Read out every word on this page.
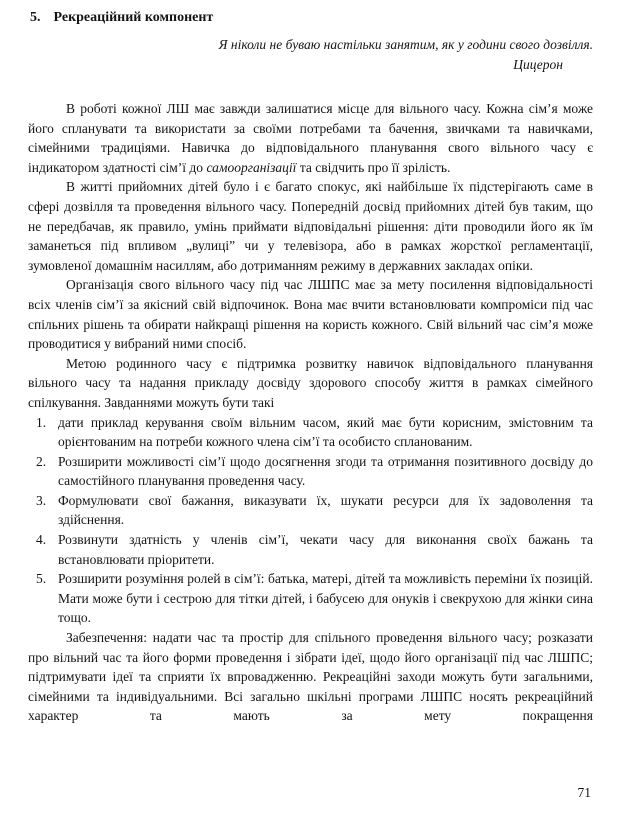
5. Рекреаційний компонент
Я ніколи не буваю настільки занятим, як у години свого дозвілля.
Цицерон

В роботі кожної ЛШ має завжди залишатися місце для вільного часу. Кожна сім’я може його спланувати та використати за своїми потребами та бачення, звичками та навичками, сімейними традиціями. Навичка до відповідального планування свого вільного часу є індикатором здатності сім’ї до самоорганізації та свідчить про її зрілість.

В житті прийомних дітей було і є багато спокус, які найбільше їх підстерігають саме в сфері дозвілля та проведення вільного часу. Попередній досвід прийомних дітей був таким, що не передбачав, як правило, умінь приймати відповідальні рішення: діти проводили його як їм заманеться під впливом „вулиці” чи у телевізора, або в рамках жорсткої регламентації, зумовленої домашнім насиллям, або дотриманням режиму в державних закладах опіки.

Організація свого вільного часу під час ЛШПС має за мету посилення відповідальності всіх членів сім’ї за якісний свій відпочинок. Вона має вчити встановлювати компроміси під час спільних рішень та обирати найкращі рішення на користь кожного. Свій вільний час сім’я може проводитися у вибраний ними спосіб.

Метою родинного часу є підтримка розвитку навичок відповідального планування вільного часу та надання прикладу досвіду здорового способу життя в рамках сімейного спілкування. Завданнями можуть бути такі

1. дати приклад керування своїм вільним часом, який має бути корисним, змістовним та орієнтованим на потреби кожного члена сім’ї та особисто спланованим.
2. Розширити можливості сім’ї щодо досягнення згоди та отримання позитивного досвіду до самостійного планування проведення часу.
3. Формулювати свої бажання, виказувати їх, шукати ресурси для їх задоволення та здійснення.
4. Розвинути здатність у членів сім’ї, чекати часу для виконання своїх бажань та встановлювати пріоритети.
5. Розширити розуміння ролей в сім’ї: батька, матері, дітей та можливість переміни їх позицій. Мати може бути і сестрою для тітки дітей, і бабусею для онуків і свекрухою для жінки сина тощо.

Забезпечення: надати час та простір для спільного проведення вільного часу; розказати про вільний час та його форми проведення і зібрати ідеї, щодо його організації під час ЛШПС; підтримувати ідеї та сприяти їх впровадженню. Рекреаційні заходи можуть бути загальними, сімейними та індивідуальними. Всі загально шкільні програми ЛШПС носять рекреаційний характер та мають за мету покращення

71
